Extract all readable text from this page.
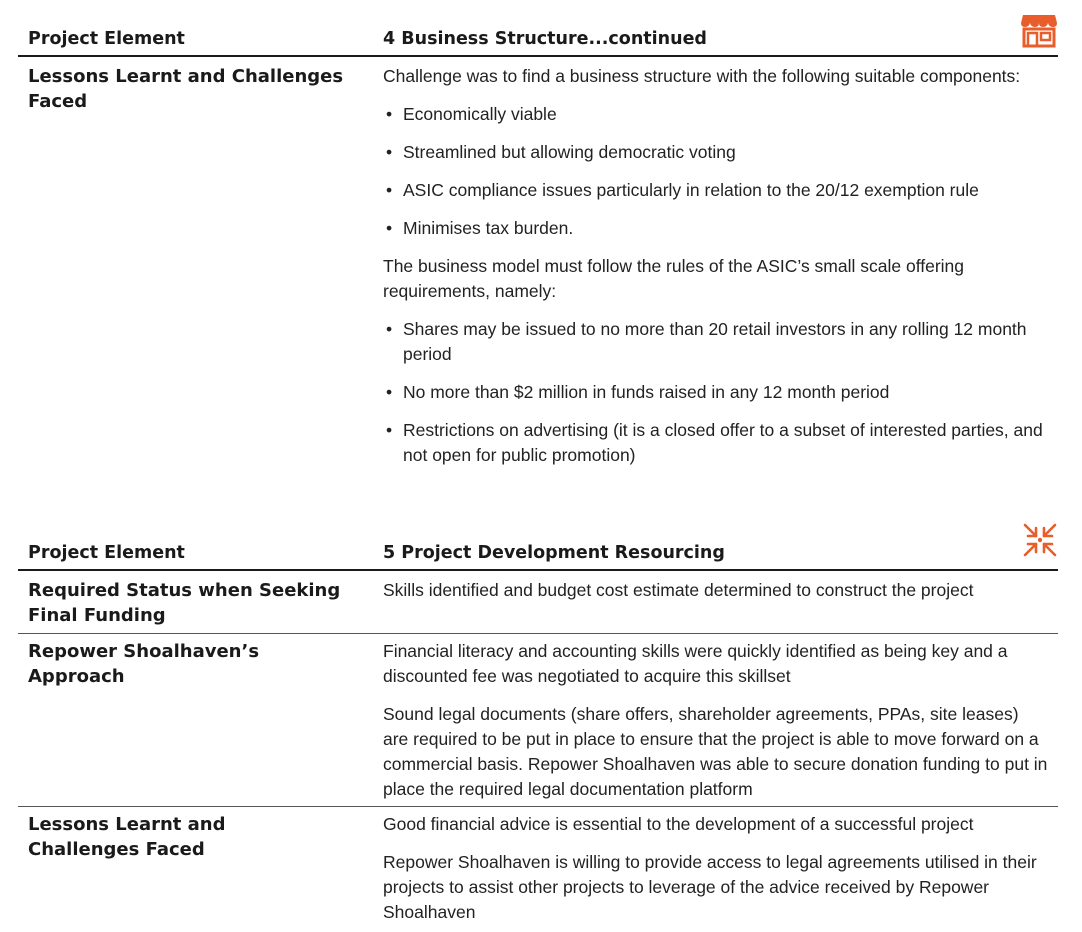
Project Element	4 Business Structure...continued
Lessons Learnt and Challenges Faced

Challenge was to find a business structure with the following suitable components:

• Economically viable
• Streamlined but allowing democratic voting
• ASIC compliance issues particularly in relation to the 20/12 exemption rule
• Minimises tax burden.

The business model must follow the rules of the ASIC’s small scale offering requirements, namely:

• Shares may be issued to no more than 20 retail investors in any rolling 12 month period
• No more than $2 million in funds raised in any 12 month period
• Restrictions on advertising (it is a closed offer to a subset of interested parties, and not open for public promotion)
Project Element	5 Project Development Resourcing
Required Status when Seeking Final Funding

Skills identified and budget cost estimate determined to construct the project

Repower Shoalhaven’s Approach

Financial literacy and accounting skills were quickly identified as being key and a discounted fee was negotiated to acquire this skillset

Sound legal documents (share offers, shareholder agreements, PPAs, site leases) are required to be put in place to ensure that the project is able to move forward on a commercial basis. Repower Shoalhaven was able to secure donation funding to put in place the required legal documentation platform

Lessons Learnt and Challenges Faced

Good financial advice is essential to the development of a successful project

Repower Shoalhaven is willing to provide access to legal agreements utilised in their projects to assist other projects to leverage of the advice received by Repower Shoalhaven
